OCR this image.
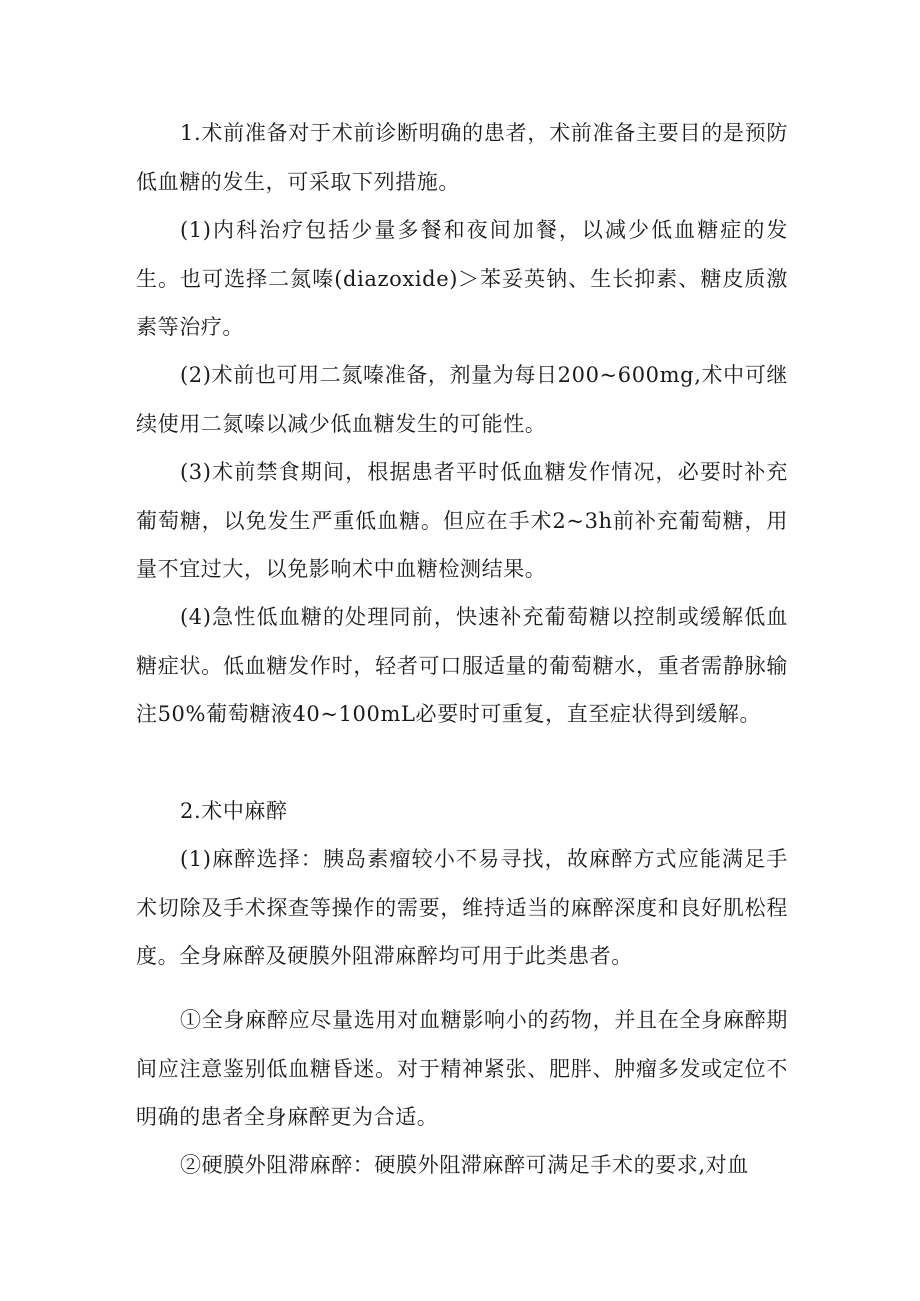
1.术前准备对于术前诊断明确的患者，术前准备主要目的是预防低血糖的发生，可采取下列措施。

(1)内科治疗包括少量多餐和夜间加餐，以减少低血糖症的发生。也可选择二氮嗪(diazoxide)＞苯妥英钠、生长抑素、糖皮质激素等治疗。

(2)术前也可用二氮嗪准备，剂量为每日200~600mg,术中可继续使用二氮嗪以减少低血糖发生的可能性。

(3)术前禁食期间，根据患者平时低血糖发作情况，必要时补充葡萄糖，以免发生严重低血糖。但应在手术2~3h前补充葡萄糖，用量不宜过大，以免影响术中血糖检测结果。

(4)急性低血糖的处理同前，快速补充葡萄糖以控制或缓解低血糖症状。低血糖发作时，轻者可口服适量的葡萄糖水，重者需静脉输注50%葡萄糖液40~100mL必要时可重复，直至症状得到缓解。

2.术中麻醉

(1)麻醉选择：胰岛素瘤较小不易寻找，故麻醉方式应能满足手术切除及手术探查等操作的需要，维持适当的麻醉深度和良好肌松程度。全身麻醉及硬膜外阻滞麻醉均可用于此类患者。

①全身麻醉应尽量选用对血糖影响小的药物，并且在全身麻醉期间应注意鉴别低血糖昏迷。对于精神紧张、肥胖、肿瘤多发或定位不明确的患者全身麻醉更为合适。

②硬膜外阻滞麻醉：硬膜外阻滞麻醉可满足手术的要求,对血
